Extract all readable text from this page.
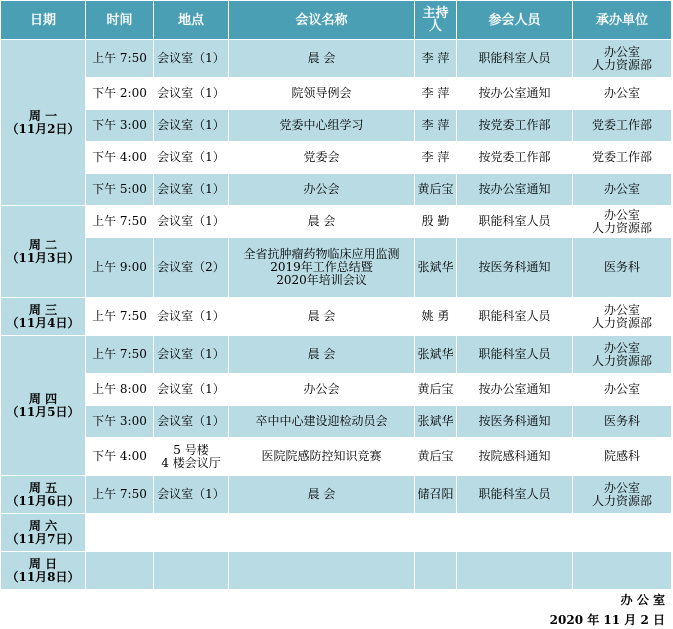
日期	时间	地点	会议名称	主持人	参会人员	承办单位

周 一
（11月2日）	上午 7:50	会议室（1）	晨 会	李 萍	职能科室人员	办公室
人力资源部

	下午 2:00	会议室（1）	院领导例会	李 萍	按办公室通知	办公室

	下午 3:00	会议室（1）	党委中心组学习	李 萍	按党委工作部	党委工作部

	下午 4:00	会议室（1）	党委会	李 萍	按党委工作部	党委工作部

	下午 5:00	会议室（1）	办公会	黄后宝	按办公室通知	办公室

周 二
（11月3日）	上午 7:50	会议室（1）	晨 会	殷 勤	职能科室人员	办公室
人力资源部

	上午 9:00	会议室（2）	全省抗肿瘤药物临床应用监测
2019年工作总结暨
2020年培训会议	张斌华	按医务科通知	医务科

周 三
（11月4日）	上午 7:50	会议室（1）	晨 会	姚 勇	职能科室人员	办公室
人力资源部

周 四
（11月5日）	上午 7:50	会议室（1）	晨 会	张斌华	职能科室人员	办公室
人力资源部

	上午 8:00	会议室（1）	办公会	黄后宝	按办公室通知	办公室

	下午 3:00	会议室（1）	卒中中心建设迎检动员会	张斌华	按医务科通知	医务科

	下午 4:00	5 号楼
4 楼会议厅	医院院感防控知识竞赛	黄后宝	按院感科通知	院感科

周 五
（11月6日）	上午 7:50	会议室（1）	晨 会	储召阳	职能科室人员	办公室
人力资源部

周 六
（11月7日）						

周 日
（11月8日）						

办 公 室
2020 年 11 月 2 日
